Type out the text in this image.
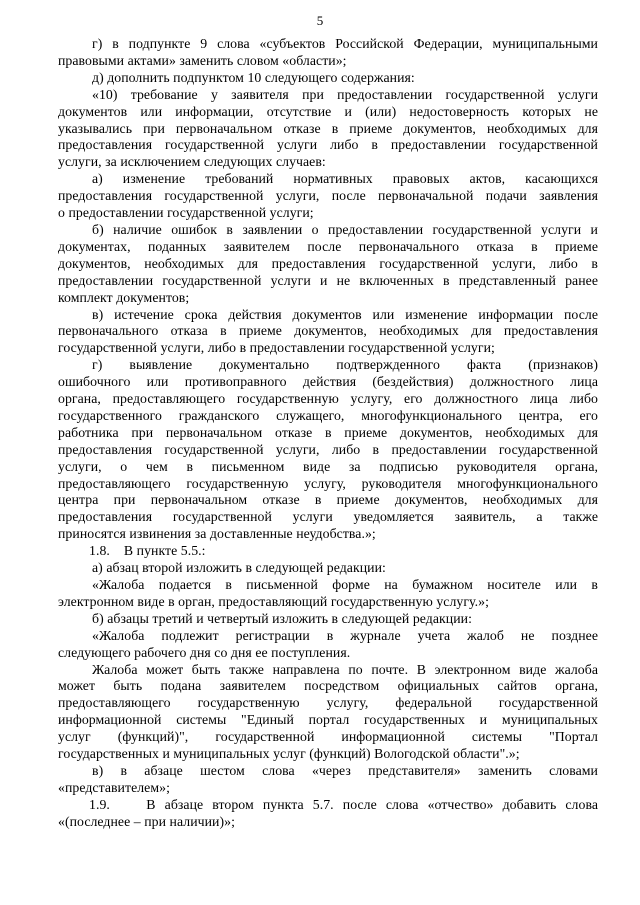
5
г) в подпункте 9 слова «субъектов Российской Федерации, муниципальными
правовыми актами» заменить словом «области»;
д) дополнить подпунктом 10 следующего содержания:
«10) требование у заявителя при предоставлении государственной услуги
документов или информации, отсутствие и (или) недостоверность которых не
указывались при первоначальном отказе в приеме документов, необходимых для
предоставления государственной услуги либо в предоставлении государственной
услуги, за исключением следующих случаев:
а) изменение требований нормативных правовых актов, касающихся
предоставления государственной услуги, после первоначальной подачи заявления
о предоставлении государственной услуги;
б) наличие ошибок в заявлении о предоставлении государственной услуги и
документах, поданных заявителем после первоначального отказа в приеме
документов, необходимых для предоставления государственной услуги, либо в
предоставлении государственной услуги и не включенных в представленный ранее
комплект документов;
в) истечение срока действия документов или изменение информации после
первоначального отказа в приеме документов, необходимых для предоставления
государственной услуги, либо в предоставлении государственной услуги;
г) выявление документально подтвержденного факта (признаков)
ошибочного или противоправного действия (бездействия) должностного лица
органа, предоставляющего государственную услугу, его должностного лица либо
государственного гражданского служащего, многофункционального центра, его
работника при первоначальном отказе в приеме документов, необходимых для
предоставления государственной услуги, либо в предоставлении государственной
услуги, о чем в письменном виде за подписью руководителя органа,
предоставляющего государственную услугу, руководителя многофункционального
центра при первоначальном отказе в приеме документов, необходимых для
предоставления государственной услуги уведомляется заявитель, а также
приносятся извинения за доставленные неудобства.»;
1.8.    В пункте 5.5.:
а) абзац второй изложить в следующей редакции:
«Жалоба подается в письменной форме на бумажном носителе или в
электронном виде в орган, предоставляющий государственную услугу.»;
б) абзацы третий и четвертый изложить в следующей редакции:
«Жалоба подлежит регистрации в журнале учета жалоб не позднее
следующего рабочего дня со дня ее поступления.
Жалоба может быть также направлена по почте. В электронном виде жалоба
может быть подана заявителем посредством официальных сайтов органа,
предоставляющего государственную услугу, федеральной государственной
информационной системы "Единый портал государственных и муниципальных
услуг (функций)", государственной информационной системы "Портал
государственных и муниципальных услуг (функций) Вологодской области".»;
в) в абзаце шестом слова «через представителя» заменить словами
«представителем»;
1.9.    В абзаце втором пункта 5.7. после слова «отчество» добавить слова
«(последнее – при наличии)»;
